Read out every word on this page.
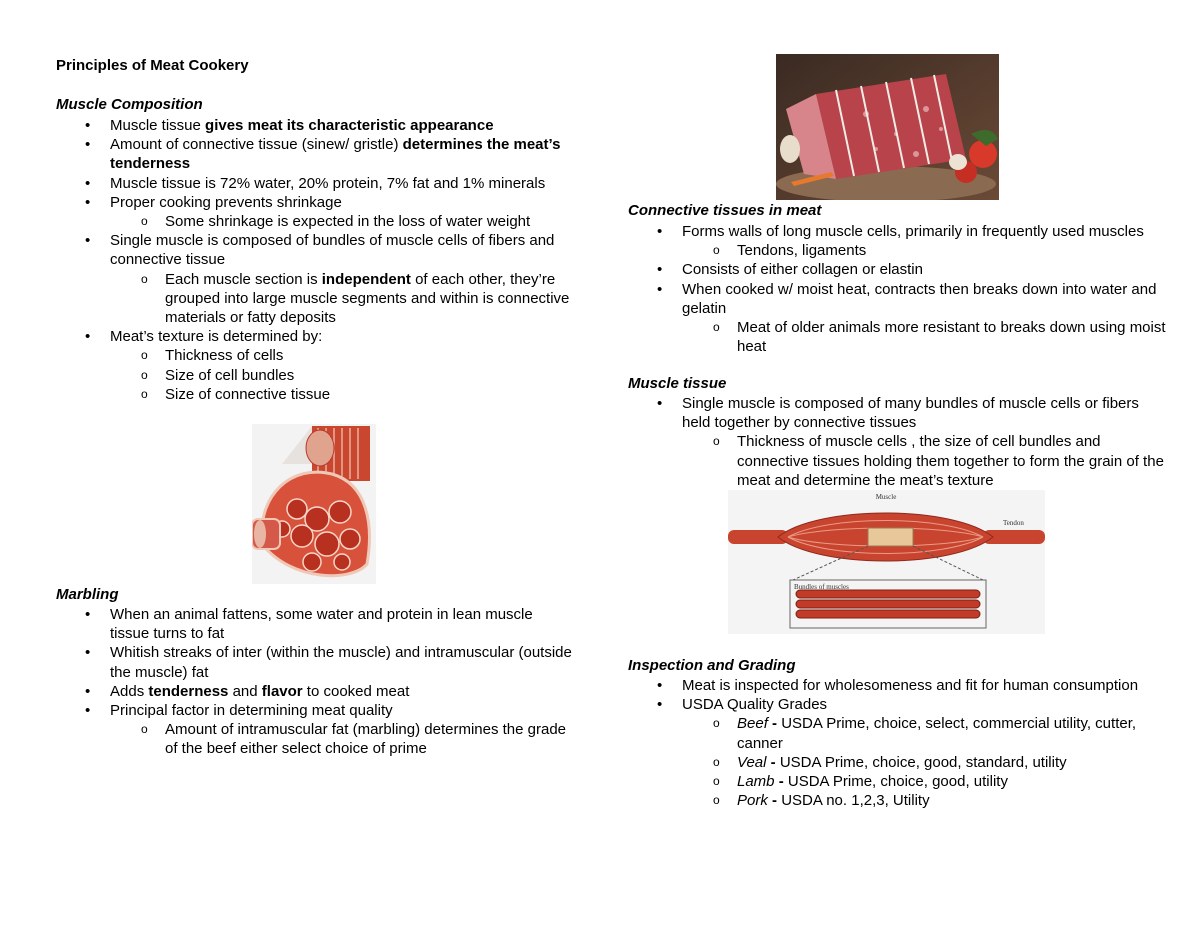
Principles of Meat Cookery
Muscle Composition
• Muscle tissue gives meat its characteristic appearance
• Amount of connective tissue (sinew/ gristle) determines the meat’s tenderness
• Muscle tissue is 72% water, 20% protein, 7% fat and 1% minerals
• Proper cooking prevents shrinkage
o Some shrinkage is expected in the loss of water weight
• Single muscle is composed of bundles of muscle cells of fibers and connective tissue
o Each muscle section is independent of each other, they’re grouped into large muscle segments and within is connective materials or fatty deposits
• Meat’s texture is determined by:
o Thickness of cells
o Size of cell bundles
o Size of connective tissue
Marbling
• When an animal fattens, some water and protein in lean muscle tissue turns to fat
• Whitish streaks of inter (within the muscle) and intramuscular (outside the muscle) fat
• Adds tenderness and flavor to cooked meat
• Principal factor in determining meat quality
o Amount of intramuscular fat (marbling) determines the grade of the beef either select choice of prime
Connective tissues in meat
• Forms walls of long muscle cells, primarily in frequently used muscles
o Tendons, ligaments
• Consists of either collagen or elastin
• When cooked w/ moist heat, contracts then breaks down into water and gelatin
o Meat of older animals more resistant to breaks down using moist heat
Muscle tissue
• Single muscle is composed of many bundles of muscle cells or fibers held together by connective tissues
o Thickness of muscle cells , the size of cell bundles and connective tissues holding them together to form the grain of the meat and determine the meat’s texture
Muscle
Tendon
Bundles of muscles
Inspection and Grading
• Meat is inspected for wholesomeness and fit for human consumption
• USDA Quality Grades
o Beef - USDA Prime, choice, select, commercial utility, cutter, canner
o Veal - USDA Prime, choice, good, standard, utility
o Lamb - USDA Prime, choice, good, utility
o Pork - USDA no. 1,2,3, Utility
